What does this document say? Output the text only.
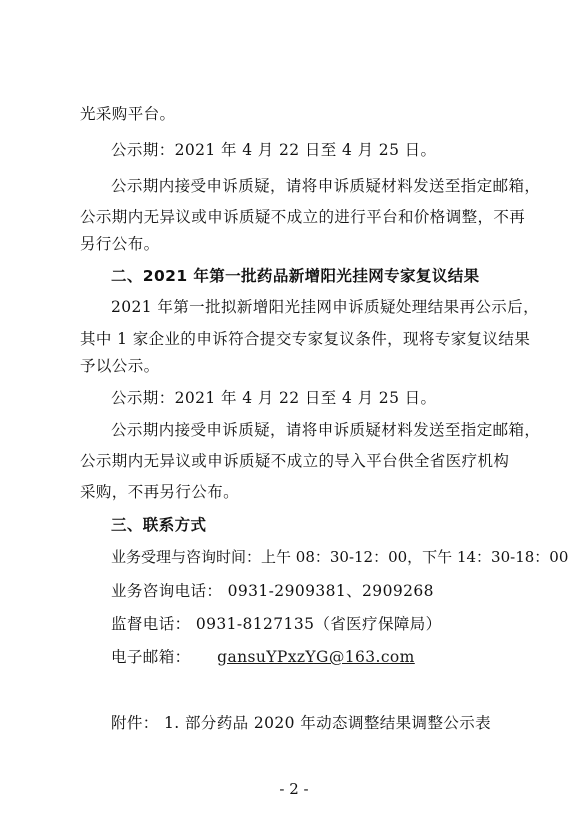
光采购平台。
公示期：2021 年 4 月 22 日至 4 月 25 日。
公示期内接受申诉质疑，请将申诉质疑材料发送至指定邮箱，
公示期内无异议或申诉质疑不成立的进行平台和价格调整，不再
另行公布。
二、2021 年第一批药品新增阳光挂网专家复议结果
2021 年第一批拟新增阳光挂网申诉质疑处理结果再公示后，
其中 1 家企业的申诉符合提交专家复议条件，现将专家复议结果
予以公示。
公示期：2021 年 4 月 22 日至 4 月 25 日。
公示期内接受申诉质疑，请将申诉质疑材料发送至指定邮箱，
公示期内无异议或申诉质疑不成立的导入平台供全省医疗机构
采购，不再另行公布。
三、联系方式
业务受理与咨询时间：上午 08：30-12：00，下午 14：30-18：00
业务咨询电话： 0931-2909381、2909268
监督电话： 0931-8127135（省医疗保障局）
电子邮箱： gansuYPxzYG@163.com
附件： 1. 部分药品 2020 年动态调整结果调整公示表
- 2 -
